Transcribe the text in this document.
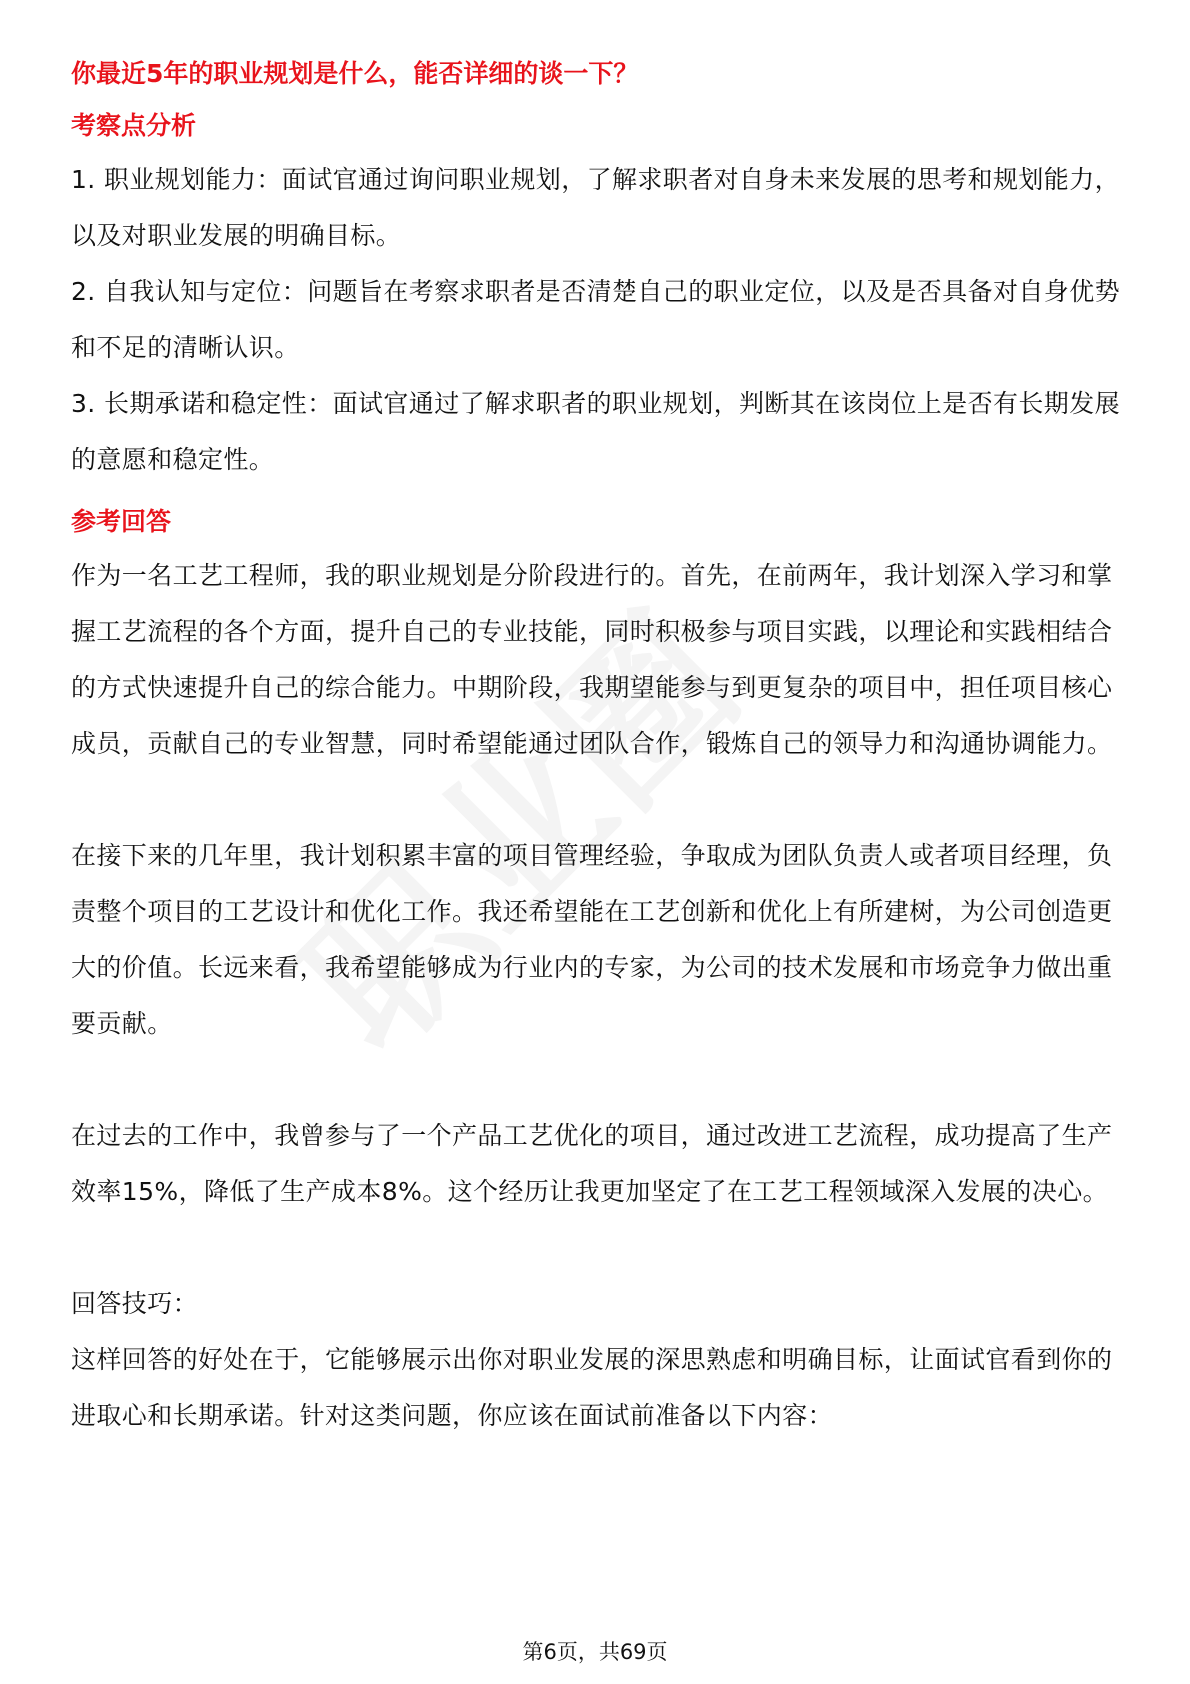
你最近5年的职业规划是什么，能否详细的谈一下？

考察点分析

1. 职业规划能力：面试官通过询问职业规划，了解求职者对自身未来发展的思考和规划能力，以及对职业发展的明确目标。

2. 自我认知与定位：问题旨在考察求职者是否清楚自己的职业定位，以及是否具备对自身优势和不足的清晰认识。

3. 长期承诺和稳定性：面试官通过了解求职者的职业规划，判断其在该岗位上是否有长期发展的意愿和稳定性。

参考回答

作为一名工艺工程师，我的职业规划是分阶段进行的。首先，在前两年，我计划深入学习和掌握工艺流程的各个方面，提升自己的专业技能，同时积极参与项目实践，以理论和实践相结合的方式快速提升自己的综合能力。中期阶段，我期望能参与到更复杂的项目中，担任项目核心成员，贡献自己的专业智慧，同时希望能通过团队合作，锻炼自己的领导力和沟通协调能力。

在接下来的几年里，我计划积累丰富的项目管理经验，争取成为团队负责人或者项目经理，负责整个项目的工艺设计和优化工作。我还希望能在工艺创新和优化上有所建树，为公司创造更大的价值。长远来看，我希望能够成为行业内的专家，为公司的技术发展和市场竞争力做出重要贡献。

在过去的工作中，我曾参与了一个产品工艺优化的项目，通过改进工艺流程，成功提高了生产效率15%，降低了生产成本8%。这个经历让我更加坚定了在工艺工程领域深入发展的决心。

回答技巧：

这样回答的好处在于，它能够展示出你对职业发展的深思熟虑和明确目标，让面试官看到你的进取心和长期承诺。针对这类问题，你应该在面试前准备以下内容：

第6页，共69页
